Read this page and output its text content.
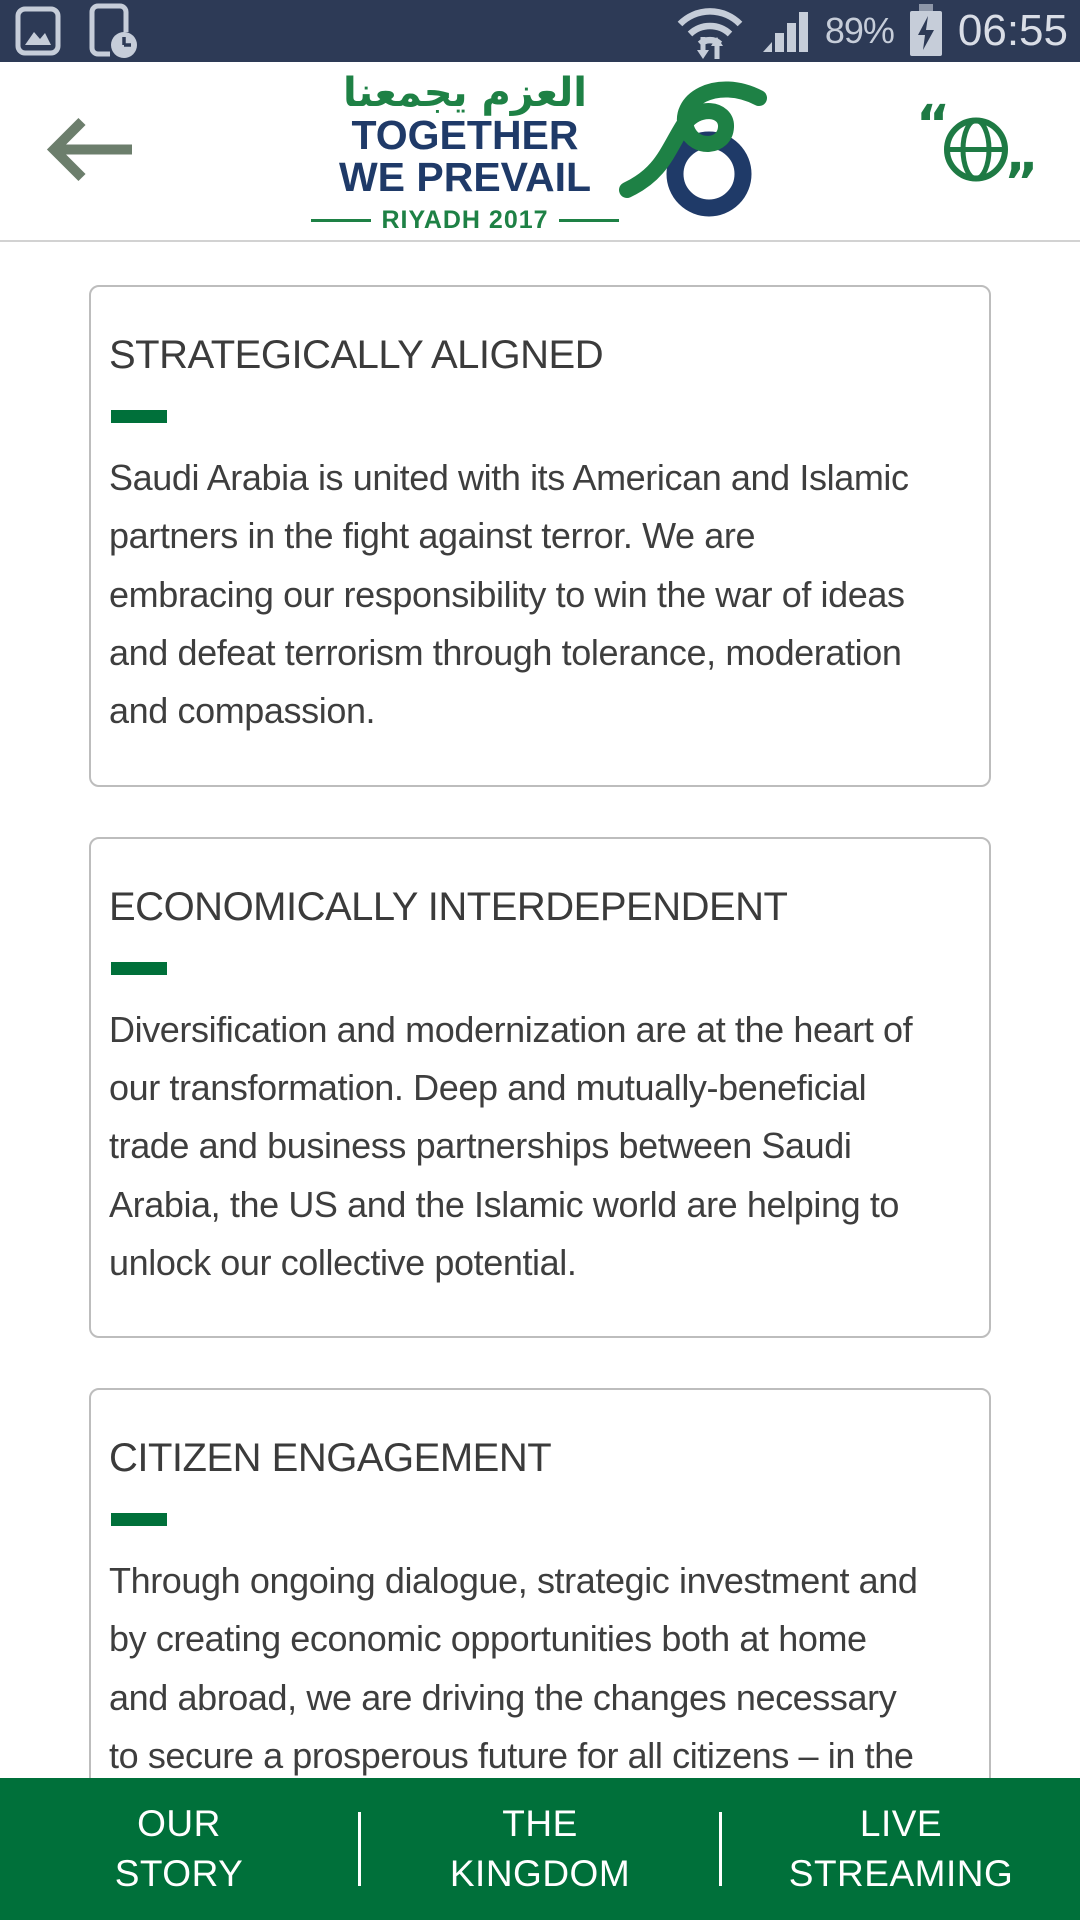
89% 06:55
العزم يجمعنا
TOGETHER
WE PREVAIL
RIYADH 2017
“
”
STRATEGICALLY ALIGNED
Saudi Arabia is united with its American and Islamic partners in the fight against terror. We are embracing our responsibility to win the war of ideas and defeat terrorism through tolerance, moderation and compassion.
ECONOMICALLY INTERDEPENDENT
Diversification and modernization are at the heart of our transformation. Deep and mutually-beneficial trade and business partnerships between Saudi Arabia, the US and the Islamic world are helping to unlock our collective potential.
CITIZEN ENGAGEMENT
Through ongoing dialogue, strategic investment and by creating economic opportunities both at home and abroad, we are driving the changes necessary to secure a prosperous future for all citizens – in the
OUR
STORY
THE
KINGDOM
LIVE
STREAMING
